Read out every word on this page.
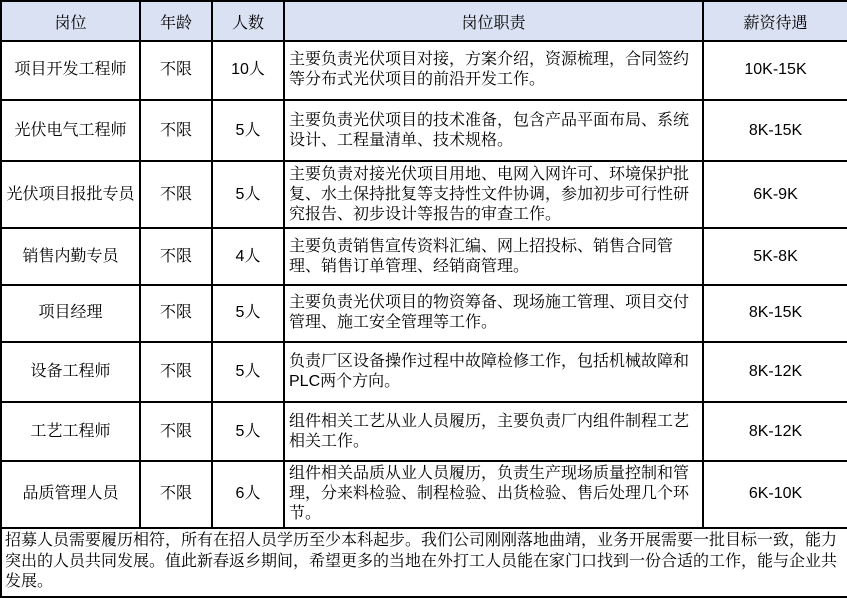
岗位	年龄	人数	岗位职责	薪资待遇
项目开发工程师	不限	10人	主要负责光伏项目对接，方案介绍，资源梳理，合同签约等分布式光伏项目的前沿开发工作。	10K-15K
光伏电气工程师	不限	5人	主要负责光伏项目的技术准备，包含产品平面布局、系统设计、工程量清单、技术规格。	8K-15K
光伏项目报批专员	不限	5人	主要负责对接光伏项目用地、电网入网许可、环境保护批复、水土保持批复等支持性文件协调，参加初步可行性研究报告、初步设计等报告的审查工作。	6K-9K
销售内勤专员	不限	4人	主要负责销售宣传资料汇编、网上招投标、销售合同管理、销售订单管理、经销商管理。	5K-8K
项目经理	不限	5人	主要负责光伏项目的物资筹备、现场施工管理、项目交付管理、施工安全管理等工作。	8K-15K
设备工程师	不限	5人	负责厂区设备操作过程中故障检修工作，包括机械故障和PLC两个方向。	8K-12K
工艺工程师	不限	5人	组件相关工艺从业人员履历，主要负责厂内组件制程工艺相关工作。	8K-12K
品质管理人员	不限	6人	组件相关品质从业人员履历，负责生产现场质量控制和管理，分来料检验、制程检验、出货检验、售后处理几个环节。	6K-10K
招募人员需要履历相符，所有在招人员学历至少本科起步。我们公司刚刚落地曲靖，业务开展需要一批目标一致，能力突出的人员共同发展。值此新春返乡期间，希望更多的当地在外打工人员能在家门口找到一份合适的工作，能与企业共发展。				
